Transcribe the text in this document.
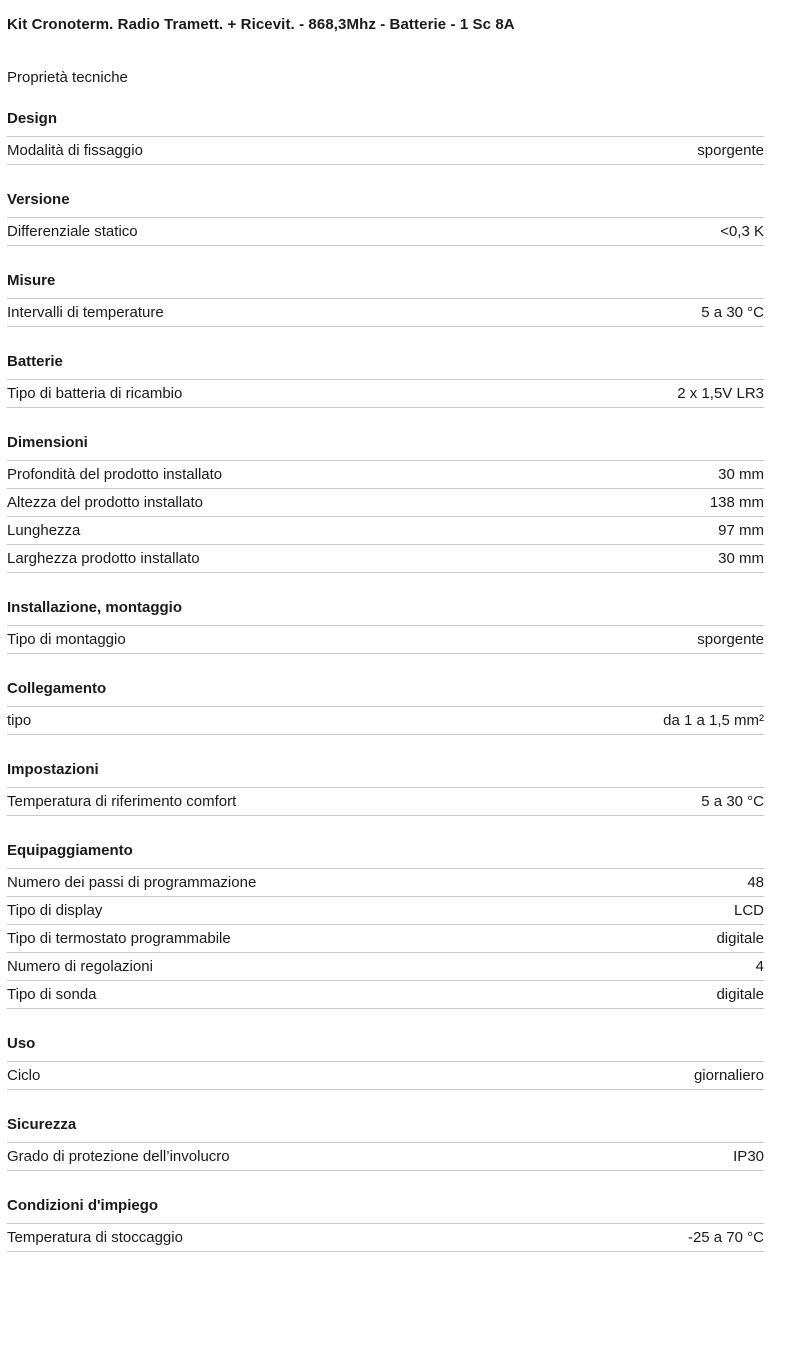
Kit Cronoterm. Radio Tramett. + Ricevit. - 868,3Mhz - Batterie - 1 Sc 8A
Proprietà tecniche
Design
Modalità di fissaggio	sporgente
Versione
Differenziale statico	<0,3 K
Misure
Intervalli di temperature	5 a 30 °C
Batterie
Tipo di batteria di ricambio	2 x 1,5V LR3
Dimensioni
Profondità del prodotto installato	30 mm
Altezza del prodotto installato	138 mm
Lunghezza	97 mm
Larghezza prodotto installato	30 mm
Installazione, montaggio
Tipo di montaggio	sporgente
Collegamento
tipo	da 1 a 1,5 mm²
Impostazioni
Temperatura di riferimento comfort	5 a 30 °C
Equipaggiamento
Numero dei passi di programmazione	48
Tipo di display	LCD
Tipo di termostato programmabile	digitale
Numero di regolazioni	4
Tipo di sonda	digitale
Uso
Ciclo	giornaliero
Sicurezza
Grado di protezione dell’involucro	IP30
Condizioni d'impiego
Temperatura di stoccaggio	-25 a 70 °C
